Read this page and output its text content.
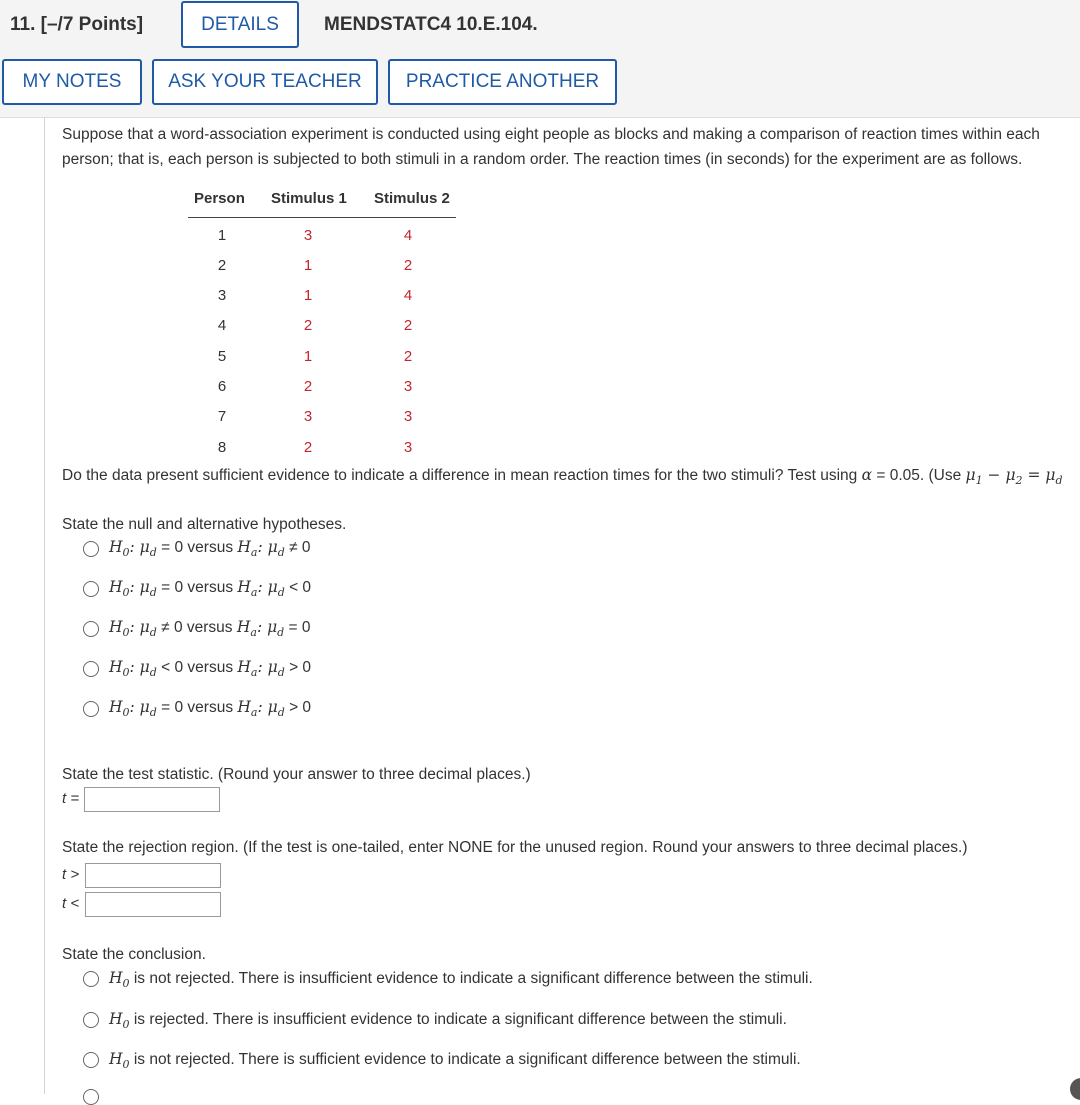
11. [–/7 Points]	DETAILS	MENDSTATC4 10.E.104.
MY NOTES	ASK YOUR TEACHER	PRACTICE ANOTHER
Suppose that a word-association experiment is conducted using eight people as blocks and making a comparison of reaction times within each person; that is, each person is subjected to both stimuli in a random order. The reaction times (in seconds) for the experiment are as follows.
Person Stimulus 1 Stimulus 2
1	3	4
2	1	2
3	1	4
4	2	2
5	1	2
6	2	3
7	3	3
8	2	3
Do the data present sufficient evidence to indicate a difference in mean reaction times for the two stimuli? Test using α = 0.05. (Use $\mu_1 - \mu_2 = \mu_d$
State the null and alternative hypotheses.
$H_0$: $\mu_d = 0$ versus $H_a$: $\mu_d \ne 0$
$H_0$: $\mu_d = 0$ versus $H_a$: $\mu_d < 0$
$H_0$: $\mu_d \ne 0$ versus $H_a$: $\mu_d = 0$
$H_0$: $\mu_d < 0$ versus $H_a$: $\mu_d > 0$
$H_0$: $\mu_d = 0$ versus $H_a$: $\mu_d > 0$
State the test statistic. (Round your answer to three decimal places.)
t =
State the rejection region. (If the test is one-tailed, enter NONE for the unused region. Round your answers to three decimal places.)
t >
t <
State the conclusion.
$H_0$ is not rejected. There is insufficient evidence to indicate a significant difference between the stimuli.
$H_0$ is rejected. There is insufficient evidence to indicate a significant difference between the stimuli.
$H_0$ is not rejected. There is sufficient evidence to indicate a significant difference between the stimuli.
